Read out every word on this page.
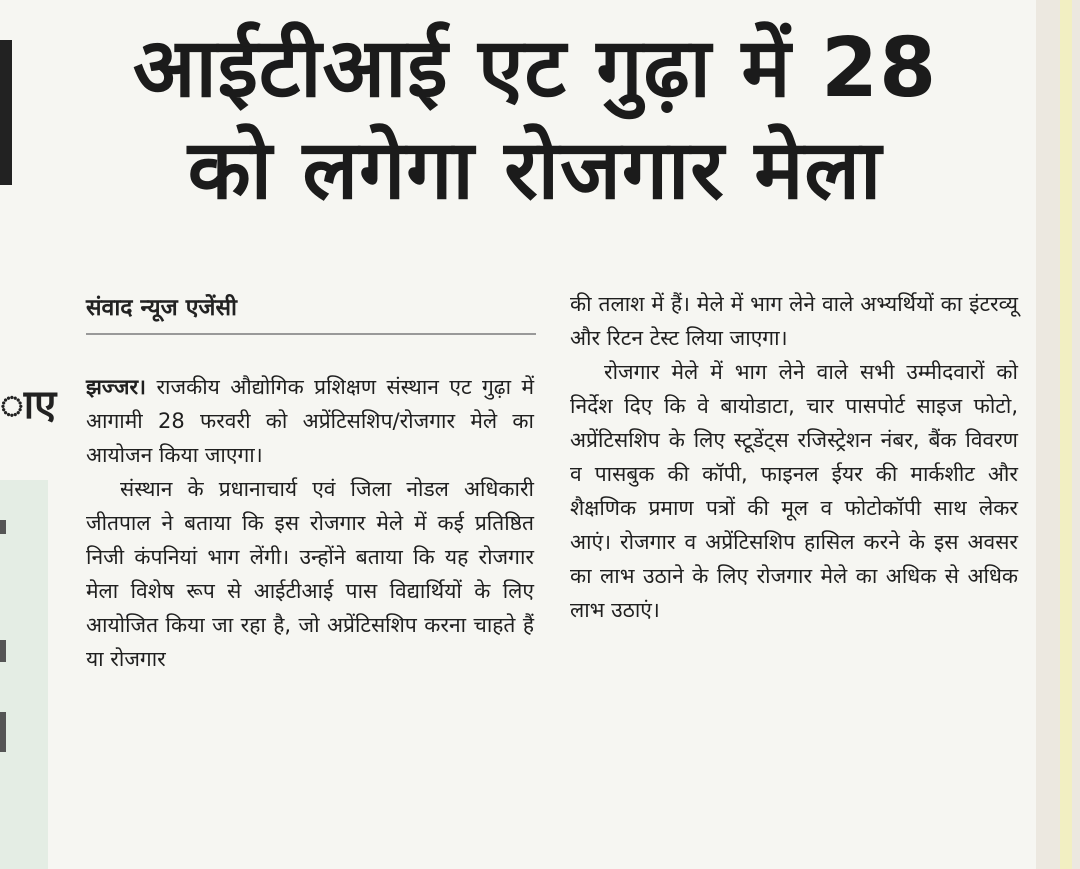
ाए
आईटीआई एट गुढ़ा में 28
को लगेगा रोजगार मेला
संवाद न्यूज एजेंसी

झज्जर। राजकीय औद्योगिक प्रशिक्षण संस्थान एट गुढ़ा में आगामी 28 फरवरी को अप्रेंटिसशिप/रोजगार मेले का आयोजन किया जाएगा।

संस्थान के प्रधानाचार्य एवं जिला नोडल अधिकारी जीतपाल ने बताया कि इस रोजगार मेले में कई प्रतिष्ठित निजी कंपनियां भाग लेंगी। उन्होंने बताया कि यह रोजगार मेला विशेष रूप से आईटीआई पास विद्यार्थियों के लिए आयोजित किया जा रहा है, जो अप्रेंटिसशिप करना चाहते हैं या रोजगार

की तलाश में हैं। मेले में भाग लेने वाले अभ्यर्थियों का इंटरव्यू और रिटन टेस्ट लिया जाएगा।

रोजगार मेले में भाग लेने वाले सभी उम्मीदवारों को निर्देश दिए कि वे बायोडाटा, चार पासपोर्ट साइज फोटो, अप्रेंटिसशिप के लिए स्टूडेंट्स रजिस्ट्रेशन नंबर, बैंक विवरण व पासबुक की कॉपी, फाइनल ईयर की मार्कशीट और शैक्षणिक प्रमाण पत्रों की मूल व फोटोकॉपी साथ लेकर आएं। रोजगार व अप्रेंटिसशिप हासिल करने के इस अवसर का लाभ उठाने के लिए रोजगार मेले का अधिक से अधिक लाभ उठाएं।
